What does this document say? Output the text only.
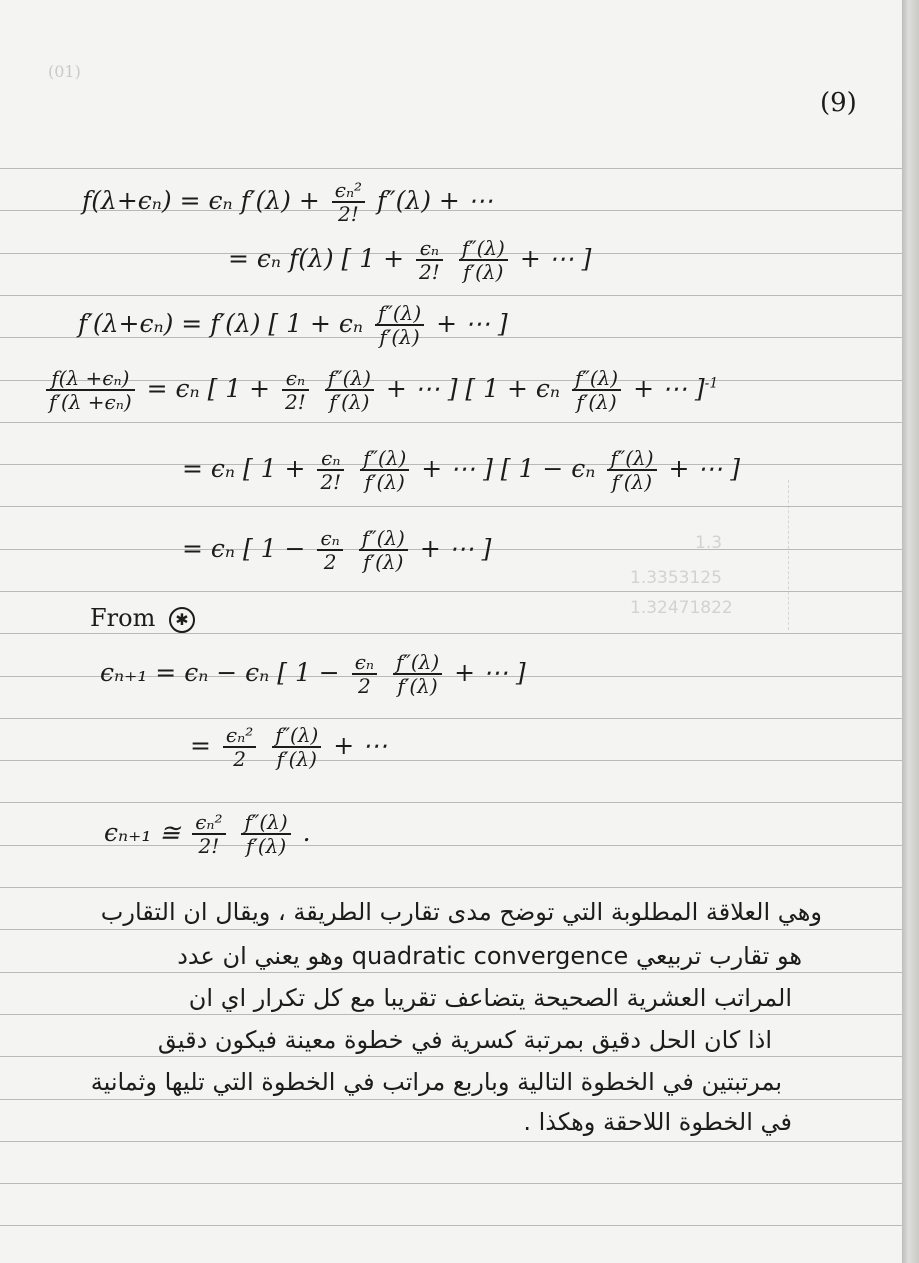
(01)
1.3
1.3353125
1.32471822
(9)
f(λ+ϵₙ) = ϵₙ $f'(\lambda) + \frac{\text{ϵₙ²}}{2!} f''(\lambda)$ + ⋯
= ϵₙ f(λ) [ $1 + \frac{\text{ϵₙ}}{2!}$
$\frac{f''(\lambda)}{f'(\lambda)}$ + ⋯ ]
f′(λ+ϵₙ) = f′(λ) [ 1 + ϵₙ $\frac{f''(\lambda)}{f'(\lambda)}$ + ⋯ ]
$\frac{\text{f(λ +ϵₙ)}}{\text{f′(λ +ϵₙ)}} = \epsilon_n$ [ $1 + \frac{\text{ϵₙ}}{2!}$
$\frac{f''(\lambda)}{f'(\lambda)}$ + ⋯ ] [ 1 + ϵₙ $\frac{f''(\lambda)}{f'(\lambda)}$ + ⋯ ]$^{-1}$
= ϵₙ [ $1 + \frac{\text{ϵₙ}}{2!}$
$\frac{f''(\lambda)}{f'(\lambda)}$ + ⋯ ] [ 1 − ϵₙ $\frac{f''(\lambda)}{f'(\lambda)}$ + ⋯ ]
= ϵₙ [ $1 - \frac{\text{ϵₙ}}{2}$
$\frac{f''(\lambda)}{f'(\lambda)}$ + ⋯ ]
From ✱
ϵₙ₊₁ = ϵₙ − ϵₙ [ $1 - \frac{\text{ϵₙ}}{2}$
$\frac{f''(\lambda)}{f'(\lambda)}$ + ⋯ ]
= $\frac{\text{ϵₙ²}}{2}$
$\frac{f''(\lambda)}{f'(\lambda)}$ + ⋯
ϵₙ₊₁ ≅ $\frac{\text{ϵₙ²}}{2!}$
$\frac{f''(\lambda)}{f'(\lambda)}$ .
وهي العلاقة المطلوبة التي توضح مدى تقارب الطريقة ، ويقال ان التقارب
هو تقارب تربيعي quadratic convergence وهو يعني ان عدد
المراتب العشرية الصحيحة يتضاعف تقريبا مع كل تكرار اي ان
اذا كان الحل دقيق بمرتبة كسرية في خطوة معينة فيكون دقيق
بمرتبتين في الخطوة التالية وباربع مراتب في الخطوة التي تليها وثمانية
في الخطوة اللاحقة وهكذا .
